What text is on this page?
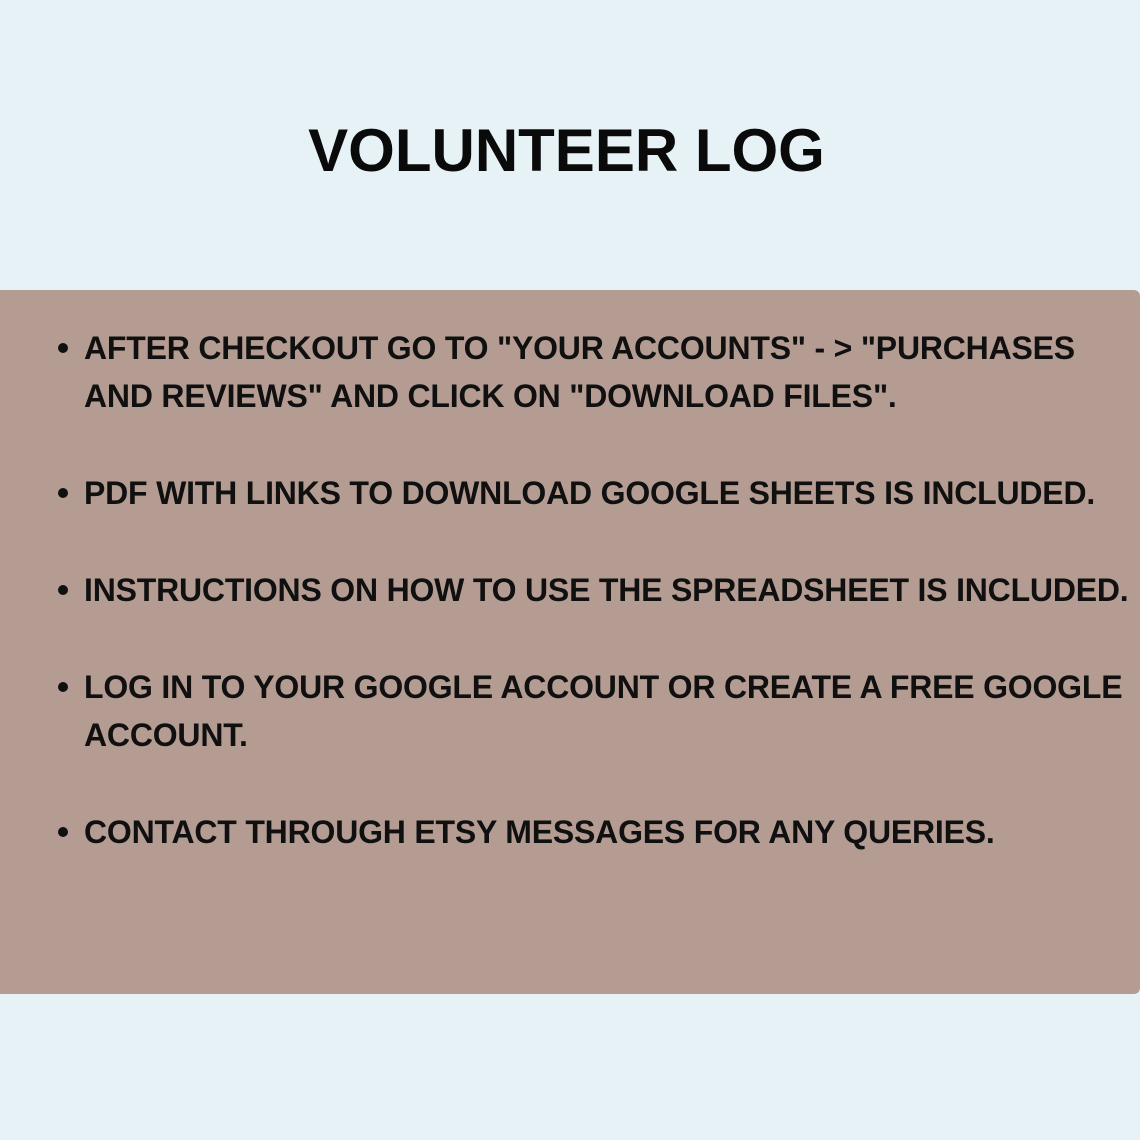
VOLUNTEER LOG
AFTER CHECKOUT GO TO "YOUR ACCOUNTS" - > "PURCHASES AND REVIEWS" AND CLICK ON "DOWNLOAD FILES".
PDF WITH LINKS TO DOWNLOAD GOOGLE SHEETS IS INCLUDED.
INSTRUCTIONS ON HOW TO USE THE SPREADSHEET IS INCLUDED.
LOG IN TO YOUR GOOGLE ACCOUNT OR CREATE A FREE GOOGLE ACCOUNT.
CONTACT THROUGH ETSY MESSAGES FOR ANY QUERIES.
